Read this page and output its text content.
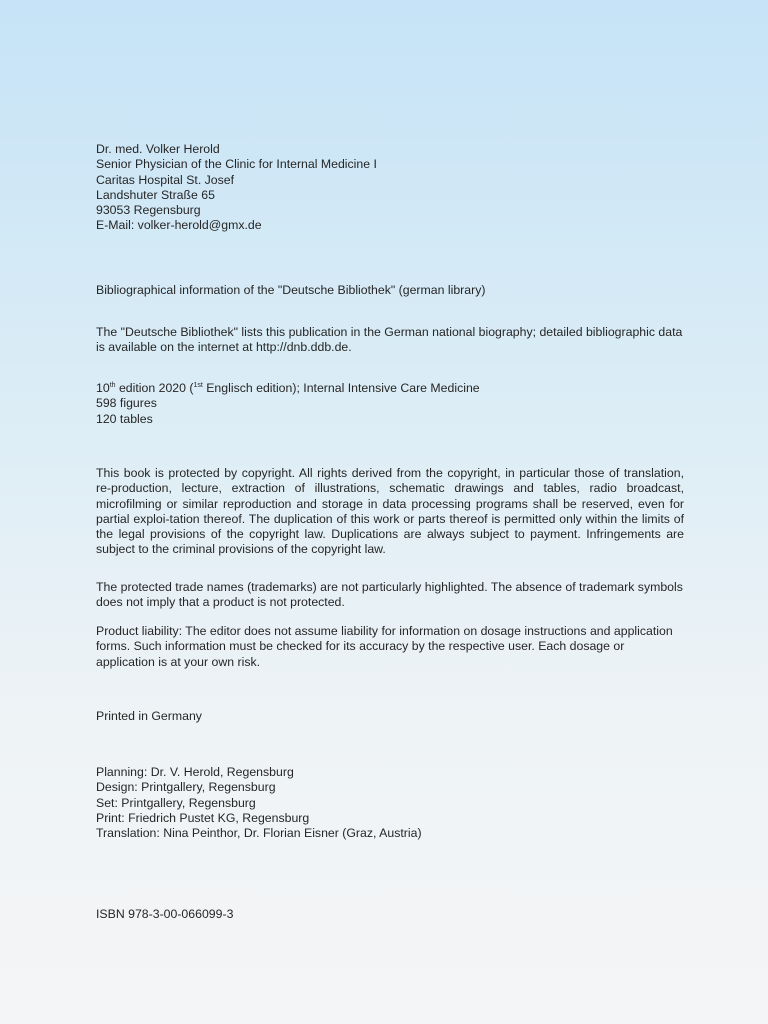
Dr. med. Volker Herold
Senior Physician of the Clinic for Internal Medicine I
Caritas Hospital St. Josef
Landshuter Straße 65
93053 Regensburg
E-Mail: volker-herold@gmx.de
Bibliographical information of the "Deutsche Bibliothek" (german library)
The "Deutsche Bibliothek" lists this publication in the German national biography; detailed bibliographic data is available on the internet at http://dnb.ddb.de.
10th edition 2020 ($^{1st}$ Englisch edition); Internal Intensive Care Medicine
598 figures
120 tables
This book is protected by copyright. All rights derived from the copyright, in particular those of translation, re-production, lecture, extraction of illustrations, schematic drawings and tables, radio broadcast, microfilming or similar reproduction and storage in data processing programs shall be reserved, even for partial exploi-tation thereof. The duplication of this work or parts thereof is permitted only within the limits of the legal provisions of the copyright law. Duplications are always subject to payment. Infringements are subject to the criminal provisions of the copyright law.
The protected trade names (trademarks) are not particularly highlighted. The absence of trademark symbols does not imply that a product is not protected.
Product liability: The editor does not assume liability for information on dosage instructions and application forms. Such information must be checked for its accuracy by the respective user. Each dosage or application is at your own risk.
Printed in Germany
Planning: Dr. V. Herold, Regensburg
Design: Printgallery, Regensburg
Set: Printgallery, Regensburg
Print: Friedrich Pustet KG, Regensburg
Translation: Nina Peinthor, Dr. Florian Eisner (Graz, Austria)
ISBN 978-3-00-066099-3
